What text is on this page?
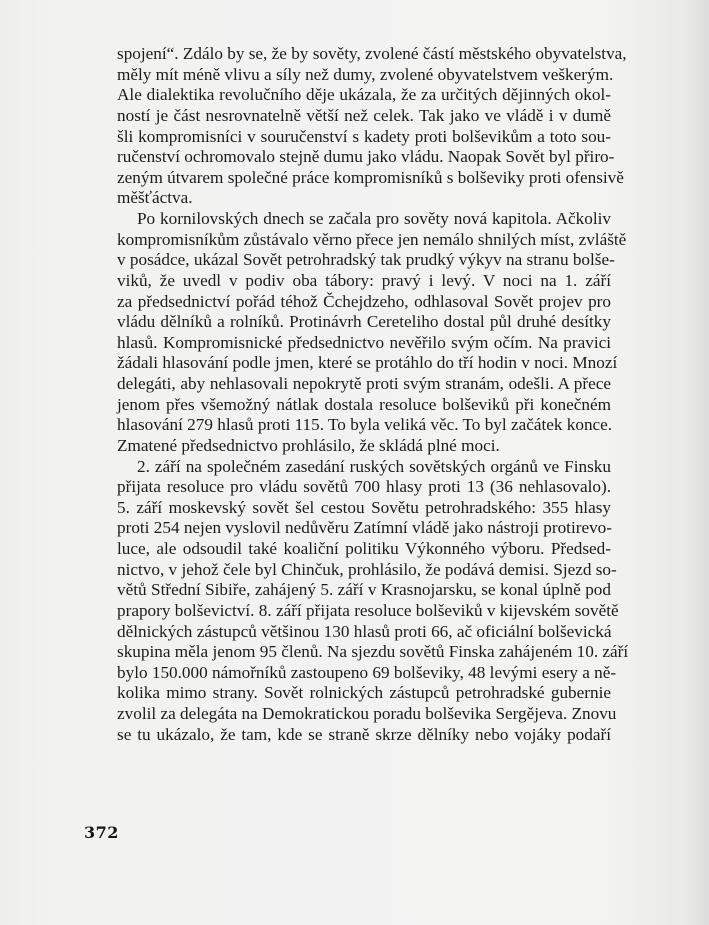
spojení“. Zdálo by se, že by sověty, zvolené částí městského obyvatelstva,
měly mít méně vlivu a síly než dumy, zvolené obyvatelstvem veškerým.
Ale dialektika revolučního děje ukázala, že za určitých dějinných okol-
ností je část nesrovnatelně větší než celek. Tak jako ve vládě i v dumě
šli kompromisníci v souručenství s kadety proti bolševikům a toto sou-
ručenství ochromovalo stejně dumu jako vládu. Naopak Sovět byl přiro-
zeným útvarem společné práce kompromisníků s bolševiky proti ofensivě
měšťáctva.
Po kornilovských dnech se začala pro sověty nová kapitola. Ačkoliv
kompromisníkům zůstávalo věrno přece jen nemálo shnilých míst, zvláště
v posádce, ukázal Sovět petrohradský tak prudký výkyv na stranu bolše-
viků, že uvedl v podiv oba tábory: pravý i levý. V noci na 1. září
za předsednictví pořád téhož Čchejdzeho, odhlasoval Sovět projev pro
vládu dělníků a rolníků. Protinávrh Cereteliho dostal půl druhé desítky
hlasů. Kompromisnické předsednictvo nevěřilo svým očím. Na pravici
žádali hlasování podle jmen, které se protáhlo do tří hodin v noci. Mnozí
delegáti, aby nehlasovali nepokrytě proti svým stranám, odešli. A přece
jenom přes všemožný nátlak dostala resoluce bolševiků při konečném
hlasování 279 hlasů proti 115. To byla veliká věc. To byl začátek konce.
Zmatené předsednictvo prohlásilo, že skládá plné moci.
2. září na společném zasedání ruských sovětských orgánů ve Finsku
přijata resoluce pro vládu sovětů 700 hlasy proti 13 (36 nehlasovalo).
5. září moskevský sovět šel cestou Sovětu petrohradského: 355 hlasy
proti 254 nejen vyslovil nedůvěru Zatímní vládě jako nástroji protirevo-
luce, ale odsoudil také koaliční politiku Výkonného výboru. Předsed-
nictvo, v jehož čele byl Chinčuk, prohlásilo, že podává demisi. Sjezd so-
větů Střední Sibiře, zahájený 5. září v Krasnojarsku, se konal úplně pod
prapory bolševictví. 8. září přijata resoluce bolševiků v kijevském sovětě
dělnických zástupců většinou 130 hlasů proti 66, ač oficiální bolševická
skupina měla jenom 95 členů. Na sjezdu sovětů Finska zahájeném 10. září
bylo 150.000 námořníků zastoupeno 69 bolševiky, 48 levými esery a ně-
kolika mimo strany. Sovět rolnických zástupců petrohradské gubernie
zvolil za delegáta na Demokratickou poradu bolševika Sergějeva. Znovu
se tu ukázalo, že tam, kde se straně skrze dělníky nebo vojáky podaří
372
